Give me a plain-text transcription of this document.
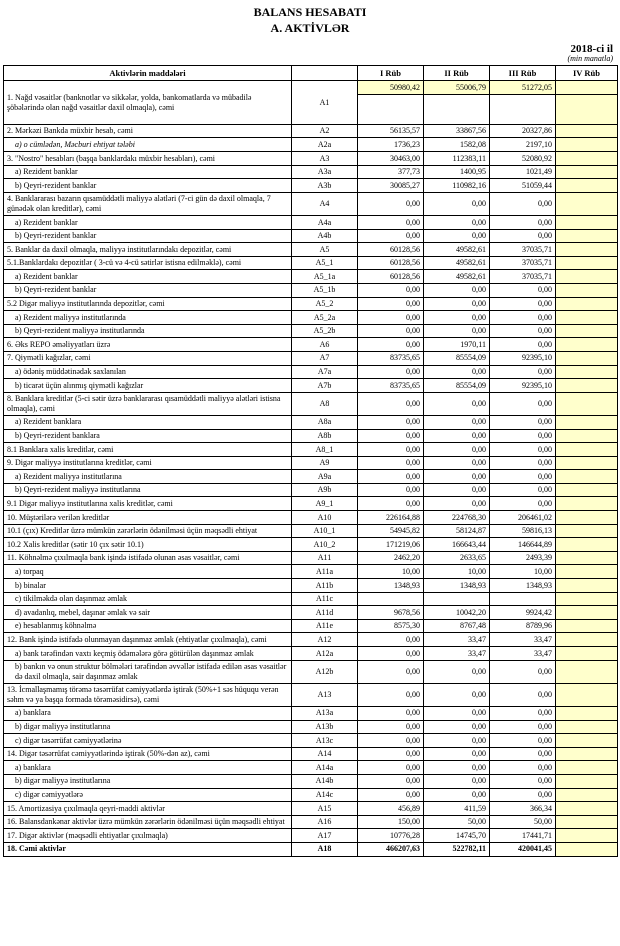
BALANS HESABATI
A. AKTİVLƏR
2018-ci il
(min manatla)
Aktivlərin maddələri		I Rüb	II Rüb	III Rüb	IV Rüb
1. Nağd vəsaitlər (banknotlar və sikkələr, yolda, bankomatlarda və mübadilə şöbələrində olan nağd vəsaitlər daxil olmaqla), cəmi	A1	50980,42	55006,79	51272,05	

2. Mərkəzi Bankda müxbir hesab, cəmi	A2	56135,57	33867,56	20327,86	
a) o cümlədən, Məcburi ehtiyat tələbi	A2a	1736,23	1582,08	2197,10	
3. "Nostro" hesabları (başqa banklardakı müxbir hesabları), cəmi	A3	30463,00	112383,11	52080,92	
a) Rezident banklar	A3a	377,73	1400,95	1021,49	
b) Qeyri-rezident banklar	A3b	30085,27	110982,16	51059,44	
4. Banklararası bazarın qısamüddətli maliyyə alətləri (7-ci gün də daxil olmaqla, 7 günədək olan kreditlər), cəmi	A4	0,00	0,00	0,00	
a) Rezident banklar	A4a	0,00	0,00	0,00	
b) Qeyri-rezident banklar	A4b	0,00	0,00	0,00	
5. Banklar da daxil olmaqla, maliyyə institutlarındakı depozitlər, cəmi	A5	60128,56	49582,61	37035,71	
5.1.Banklardakı depozitlər ( 3-cü və 4-cü sətirlər istisna edilməklə), cəmi	A5_1	60128,56	49582,61	37035,71	
a) Rezident banklar	A5_1a	60128,56	49582,61	37035,71	
b) Qeyri-rezident banklar	A5_1b	0,00	0,00	0,00	
5.2 Digər maliyyə institutlarında depozitlər, cəmi	A5_2	0,00	0,00	0,00	
a) Rezident maliyyə institutlarında	A5_2a	0,00	0,00	0,00	
b) Qeyri-rezident maliyyə institutlarında	A5_2b	0,00	0,00	0,00	
6. Əks REPO əməliyyatları üzrə	A6	0,00	1970,11	0,00	
7. Qiymətli kağızlar, cəmi	A7	83735,65	85554,09	92395,10	
a) ödəniş müddətinədək saxlanılan	A7a	0,00	0,00	0,00	
b) ticarət üçün alınmış qiymətli kağızlar	A7b	83735,65	85554,09	92395,10	
8. Banklara kreditlər (5-ci sətir üzrə banklararası qısamüddətli maliyyə alətləri istisna olmaqla), cəmi	A8	0,00	0,00	0,00	
a) Rezident banklara	A8a	0,00	0,00	0,00	
b) Qeyri-rezident banklara	A8b	0,00	0,00	0,00	
8.1 Banklara xalis kreditlər, cəmi	A8_1	0,00	0,00	0,00	
9. Digər maliyyə institutlarına kreditlər, cəmi	A9	0,00	0,00	0,00	
a) Rezident maliyyə institutlarına	A9a	0,00	0,00	0,00	
b) Qeyri-rezident maliyyə institutlarına	A9b	0,00	0,00	0,00	
9.1 Digər maliyyə institutlarına xalis kreditlər, cəmi	A9_1	0,00	0,00	0,00	
10. Müştərilərə verilən kreditlər	A10	226164,88	224768,30	206461,02	
10.1 (çıx) Kreditlər üzrə mümkün zərərlərin ödənilməsi üçün məqsədli ehtiyat	A10_1	54945,82	58124,87	59816,13	
10.2 Xalis kreditlər (sətir 10 çıx sətir 10.1)	A10_2	171219,06	166643,44	146644,89	
11. Köhnəlmə çıxılmaqla bank işində istifadə olunan əsas vəsaitlər, cəmi	A11	2462,20	2633,65	2493,39	
a) torpaq	A11a	10,00	10,00	10,00	
b) binalar	A11b	1348,93	1348,93	1348,93	
c) tikilməkdə olan daşınmaz əmlak	A11c				
d) avadanlıq, mebel, daşınar əmlak və sair	A11d	9678,56	10042,20	9924,42	
e) hesablanmış köhnəlmə	A11e	8575,30	8767,48	8789,96	
12. Bank işində istifadə olunmayan daşınmaz əmlak (ehtiyatlar çıxılmaqla), cəmi	A12	0,00	33,47	33,47	
a) bank tərəfindən vaxtı keçmiş ödəmələrə görə götürülən daşınmaz əmlak	A12a	0,00	33,47	33,47	
b) bankın və onun struktur bölmələri tərəfindən əvvəllər istifadə edilən əsas vəsaitlər də daxil olmaqla, sair daşınmaz əmlak	A12b	0,00	0,00	0,00	
13. İcmallaşmamış törəmə təsərrüfat cəmiyyətlərdə iştirak (50%+1 səs hüququ verən səhm və ya başqa formada törəməsidirsə), cəmi	A13	0,00	0,00	0,00	
a) banklara	A13a	0,00	0,00	0,00	
b) digər maliyyə institutlarına	A13b	0,00	0,00	0,00	
c) digər təsərrüfat cəmiyyətlərinə	A13c	0,00	0,00	0,00	
14. Digər təsərrüfat cəmiyyətlərində iştirak (50%-dən az), cəmi	A14	0,00	0,00	0,00	
a) banklara	A14a	0,00	0,00	0,00	
b) digər maliyyə institutlarına	A14b	0,00	0,00	0,00	
c) digər cəmiyyətlərə	A14c	0,00	0,00	0,00	
15. Amortizasiya çıxılmaqla qeyri-maddi aktivlər	A15	456,89	411,59	366,34	
16. Balansdankənar aktivlər üzrə mümkün zərərlərin ödənilməsi üçün məqsədli ehtiyat	A16	150,00	50,00	50,00	
17. Digər aktivlər (məqsədli ehtiyatlar çıxılmaqla)	A17	10776,28	14745,70	17441,71	
18. Cəmi aktivlər	A18	466207,63	522782,11	420041,45	
